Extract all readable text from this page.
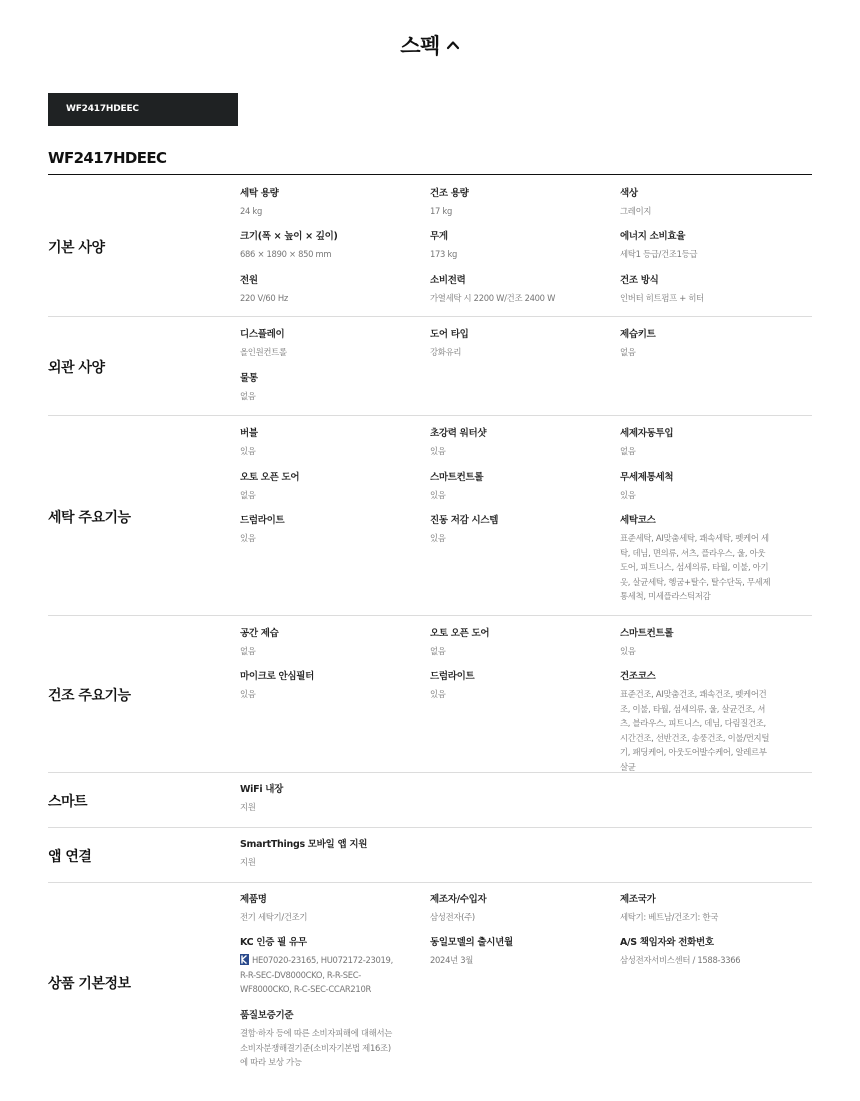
스펙
WF2417HDEEC
WF2417HDEEC
기본 사양
세탁 용량
24 kg
건조 용량
17 kg
색상
그레이지
크기(폭 × 높이 × 깊이)
686 × 1890 × 850 mm
무게
173 kg
에너지 소비효율
세탁1 등급/건조1등급
전원
220 V/60 Hz
소비전력
가열세탁 시 2200 W/건조 2400 W
건조 방식
인버터 히트펌프 + 히터
외관 사양
디스플레이
올인원컨트롤
도어 타입
강화유리
제습키트
없음
물통
없음
세탁 주요기능
버블
있음
초강력 워터샷
있음
세제자동투입
없음
오토 오픈 도어
없음
스마트컨트롤
있음
무세제통세척
있음
드럼라이트
있음
진동 저감 시스템
있음
세탁코스
표준세탁, AI맞춤세탁, 쾌속세탁, 펫케어 세탁, 데님, 면의류, 셔츠, 플라우스, 울, 아웃도어, 피트니스, 섬세의류, 타월, 이불, 아기옷, 살균세탁, 헹굼+탈수, 탈수단독, 무세제통세척, 미세플라스틱저감
건조 주요기능
공간 제습
없음
오토 오픈 도어
없음
스마트컨트롤
있음
마이크로 안심필터
있음
드럼라이트
있음
건조코스
표준건조, AI맞춤건조, 쾌속건조, 펫케어건조, 이불, 타월, 섬세의류, 울, 살균건조, 셔츠, 블라우스, 피트니스, 데님, 다림질건조, 시간건조, 선반건조, 송풍건조, 이불/먼지털기, 패딩케어, 아웃도어발수케어, 알레르부살균
스마트
WiFi 내장
지원
앱 연결
SmartThings 모바일 앱 지원
지원
상품 기본정보
제품명
전기 세탁기/건조기
제조자/수입자
삼성전자(주)
제조국가
세탁기: 베트남/건조기: 한국
KC 인증 필 유무
HE07020-23165, HU072172-23019, R-R-SEC-DV8000CKO, R-R-SEC-WF8000CKO, R-C-SEC-CCAR210R
동일모델의 출시년월
2024년 3월
A/S 책임자와 전화번호
삼성전자서비스센터 / 1588-3366
품질보증기준
결함·하자 등에 따른 소비자피해에 대해서는 소비자분쟁해결기준(소비자기본법 제16조)에 따라 보상 가능
